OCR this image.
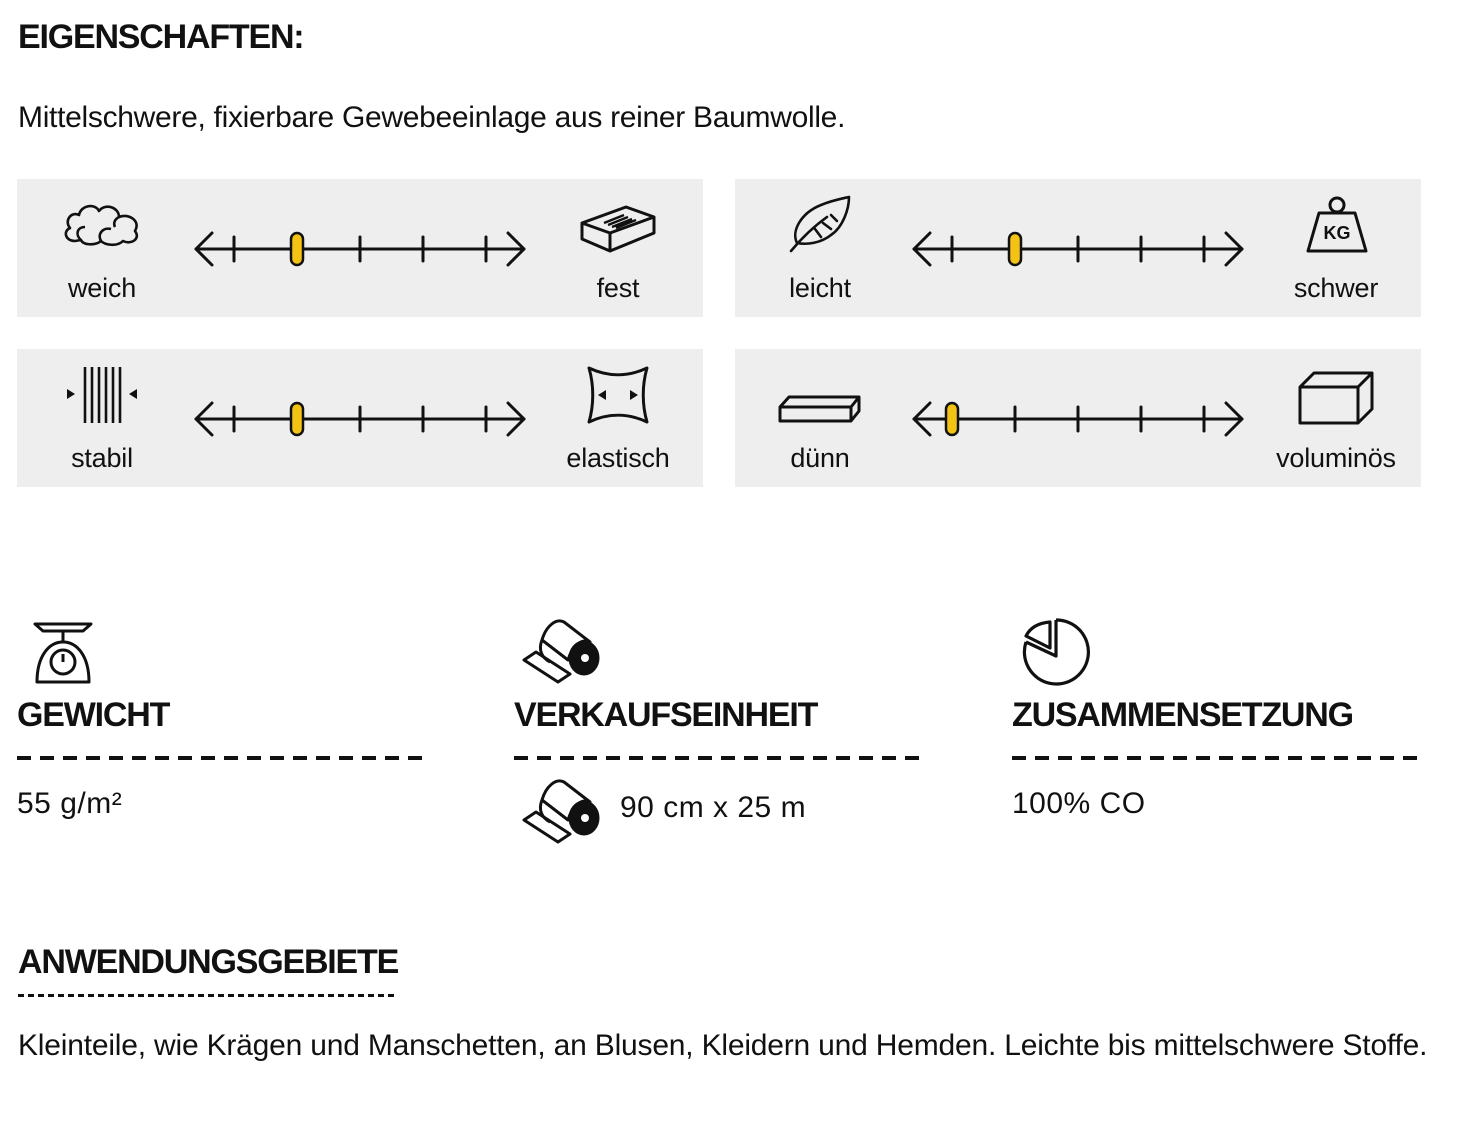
EIGENSCHAFTEN:

Mittelschwere, fixierbare Gewebeeinlage aus reiner Baumwolle.

weich	fest
KG
leicht	schwer
stabil	elastisch	dünn	voluminös
GEWICHT
55 g/m²
VERKAUFSEINHEIT
90 cm x 25 m
ZUSAMMENSETZUNG
100% CO
ANWENDUNGSGEBIETE

Kleinteile, wie Krägen und Manschetten, an Blusen, Kleidern und Hemden. Leichte bis mittelschwere Stoffe.
